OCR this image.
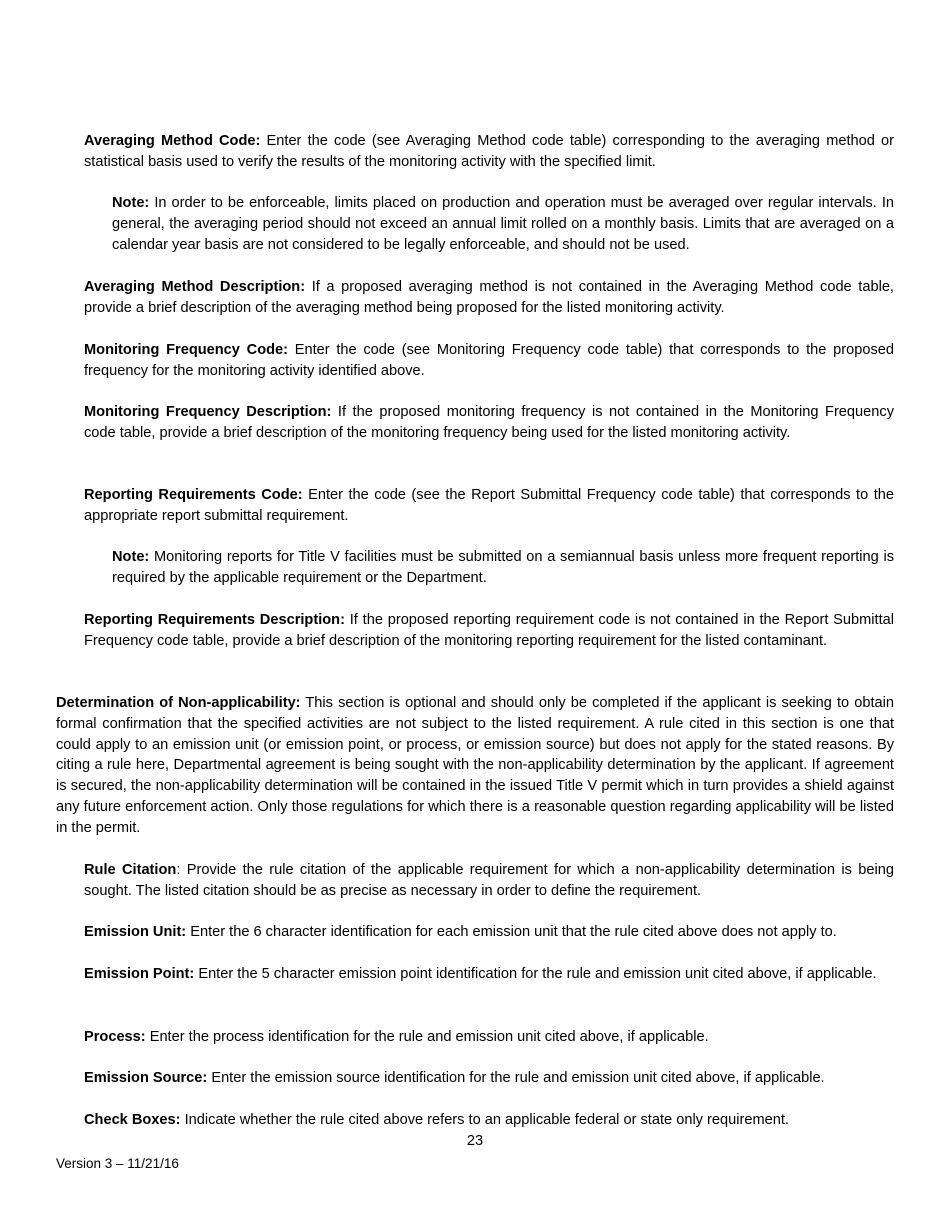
Averaging Method Code: Enter the code (see Averaging Method code table) corresponding to the averaging method or statistical basis used to verify the results of the monitoring activity with the specified limit.

Note: In order to be enforceable, limits placed on production and operation must be averaged over regular intervals. In general, the averaging period should not exceed an annual limit rolled on a monthly basis. Limits that are averaged on a calendar year basis are not considered to be legally enforceable, and should not be used.

Averaging Method Description: If a proposed averaging method is not contained in the Averaging Method code table, provide a brief description of the averaging method being proposed for the listed monitoring activity.

Monitoring Frequency Code: Enter the code (see Monitoring Frequency code table) that corresponds to the proposed frequency for the monitoring activity identified above.

Monitoring Frequency Description: If the proposed monitoring frequency is not contained in the Monitoring Frequency code table, provide a brief description of the monitoring frequency being used for the listed monitoring activity.

Reporting Requirements Code: Enter the code (see the Report Submittal Frequency code table) that corresponds to the appropriate report submittal requirement.

Note: Monitoring reports for Title V facilities must be submitted on a semiannual basis unless more frequent reporting is required by the applicable requirement or the Department.

Reporting Requirements Description: If the proposed reporting requirement code is not contained in the Report Submittal Frequency code table, provide a brief description of the monitoring reporting requirement for the listed contaminant.

Determination of Non-applicability: This section is optional and should only be completed if the applicant is seeking to obtain formal confirmation that the specified activities are not subject to the listed requirement. A rule cited in this section is one that could apply to an emission unit (or emission point, or process, or emission source) but does not apply for the stated reasons. By citing a rule here, Departmental agreement is being sought with the non-applicability determination by the applicant. If agreement is secured, the non-applicability determination will be contained in the issued Title V permit which in turn provides a shield against any future enforcement action. Only those regulations for which there is a reasonable question regarding applicability will be listed in the permit.

Rule Citation: Provide the rule citation of the applicable requirement for which a non-applicability determination is being sought. The listed citation should be as precise as necessary in order to define the requirement.

Emission Unit: Enter the 6 character identification for each emission unit that the rule cited above does not apply to.

Emission Point: Enter the 5 character emission point identification for the rule and emission unit cited above, if applicable.

Process: Enter the process identification for the rule and emission unit cited above, if applicable.

Emission Source: Enter the emission source identification for the rule and emission unit cited above, if applicable.

Check Boxes: Indicate whether the rule cited above refers to an applicable federal or state only requirement.

23
Version 3 – 11/21/16
